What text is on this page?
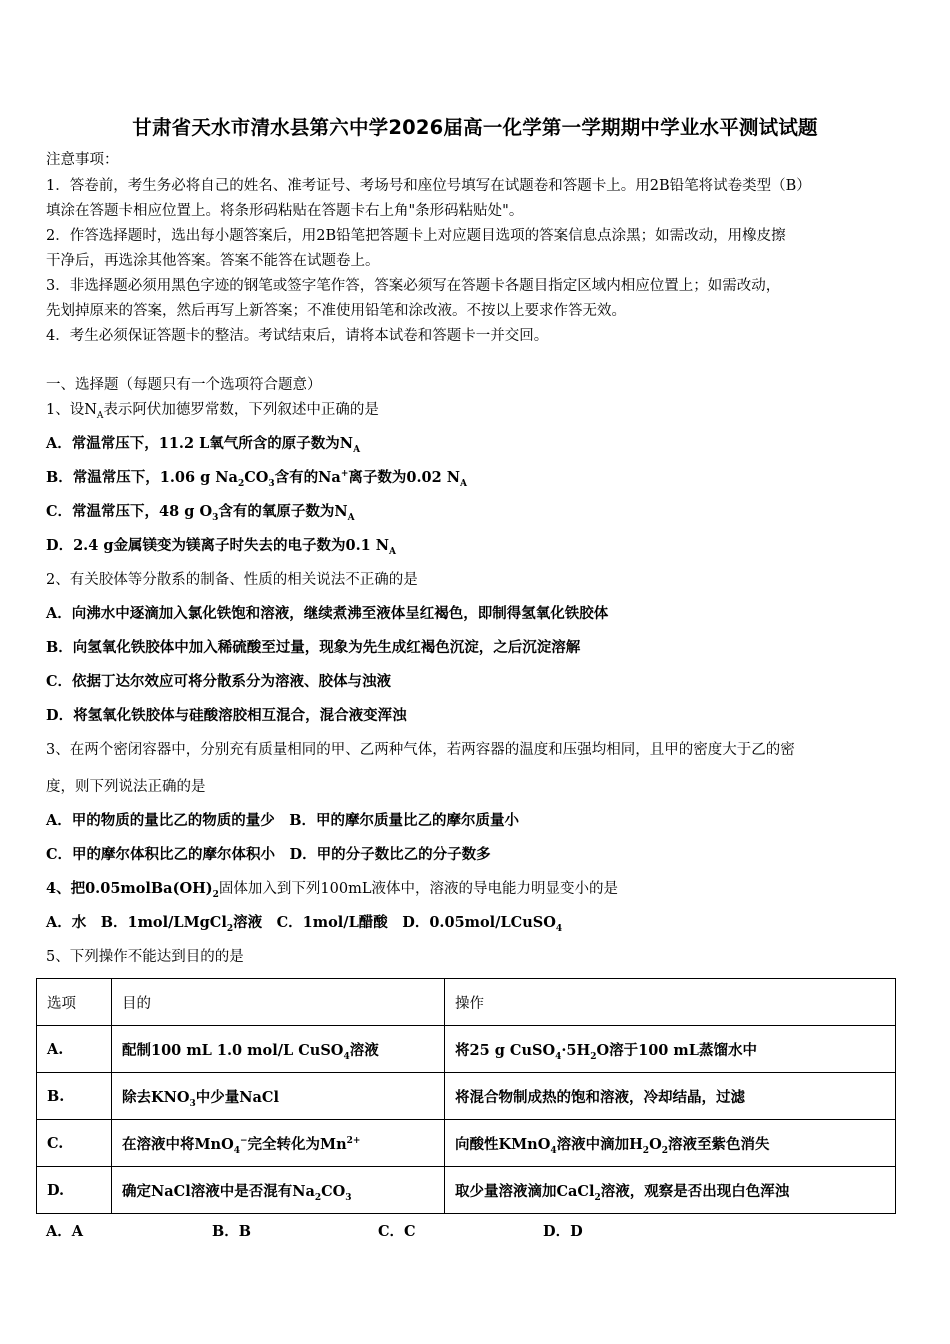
甘肃省天水市清水县第六中学2026届高一化学第一学期期中学业水平测试试题
注意事项：
1．答卷前，考生务必将自己的姓名、准考证号、考场号和座位号填写在试题卷和答题卡上。用2B铅笔将试卷类型（B）
填涂在答题卡相应位置上。将条形码粘贴在答题卡右上角"条形码粘贴处"。
2．作答选择题时，选出每小题答案后，用2B铅笔把答题卡上对应题目选项的答案信息点涂黑；如需改动，用橡皮擦
干净后，再选涂其他答案。答案不能答在试题卷上。
3．非选择题必须用黑色字迹的钢笔或签字笔作答，答案必须写在答题卡各题目指定区域内相应位置上；如需改动，
先划掉原来的答案，然后再写上新答案；不准使用铅笔和涂改液。不按以上要求作答无效。
4．考生必须保证答题卡的整洁。考试结束后，请将本试卷和答题卡一并交回。
一、选择题（每题只有一个选项符合题意）
1、设$N_A$表示阿伏加德罗常数，下列叙述中正确的是
A．常温常压下，11.2 L氧气所含的原子数为$N_A$
B．常温常压下，1.06 g $Na_2CO_3$含有的Na+离子数为0.02 $N_A$
C．常温常压下，48 g $O_3$含有的氧原子数为$N_A$
D．2.4 g金属镁变为镁离子时失去的电子数为0.1 $N_A$
2、有关胶体等分散系的制备、性质的相关说法不正确的是
A．向沸水中逐滴加入氯化铁饱和溶液，继续煮沸至液体呈红褐色，即制得氢氧化铁胶体
B．向氢氧化铁胶体中加入稀硫酸至过量，现象为先生成红褐色沉淀，之后沉淀溶解
C．依据丁达尔效应可将分散系分为溶液、胶体与浊液
D．将氢氧化铁胶体与硅酸溶胶相互混合，混合液变浑浊
3、在两个密闭容器中，分别充有质量相同的甲、乙两种气体，若两容器的温度和压强均相同，且甲的密度大于乙的密
度，则下列说法正确的是
A．甲的物质的量比乙的物质的量少　B．甲的摩尔质量比乙的摩尔质量小
C．甲的摩尔体积比乙的摩尔体积小　D．甲的分子数比乙的分子数多
4、把$0.05molBa(OH)_2$固体加入到下列100mL液体中，溶液的导电能力明显变小的是
A．水　B．1mol/LMgCl$_2$溶液　C．1mol/L醋酸　D．0.05mol/LCuSO$_4$
5、下列操作不能达到目的的是
选项	目的	操作
A.	配制100 mL 1.0 mol/L CuSO$_4$溶液	将25 g $CuSO_4\cdot 5H_2O$溶于100 mL蒸馏水中
B.	除去$KNO_3$中少量NaCl	将混合物制成热的饱和溶液，冷却结晶，过滤
C.	在溶液中将MnO$_4$−完全转化为$Mn^{2+}$	向酸性KMnO$_4$溶液中滴加$H_2O_2$溶液至紫色消失
D.	确定NaCl溶液中是否混有$Na_2CO_3$	取少量溶液滴加CaCl$_2$溶液，观察是否出现白色浑浊
A．A	B．B	C．C	D．D
